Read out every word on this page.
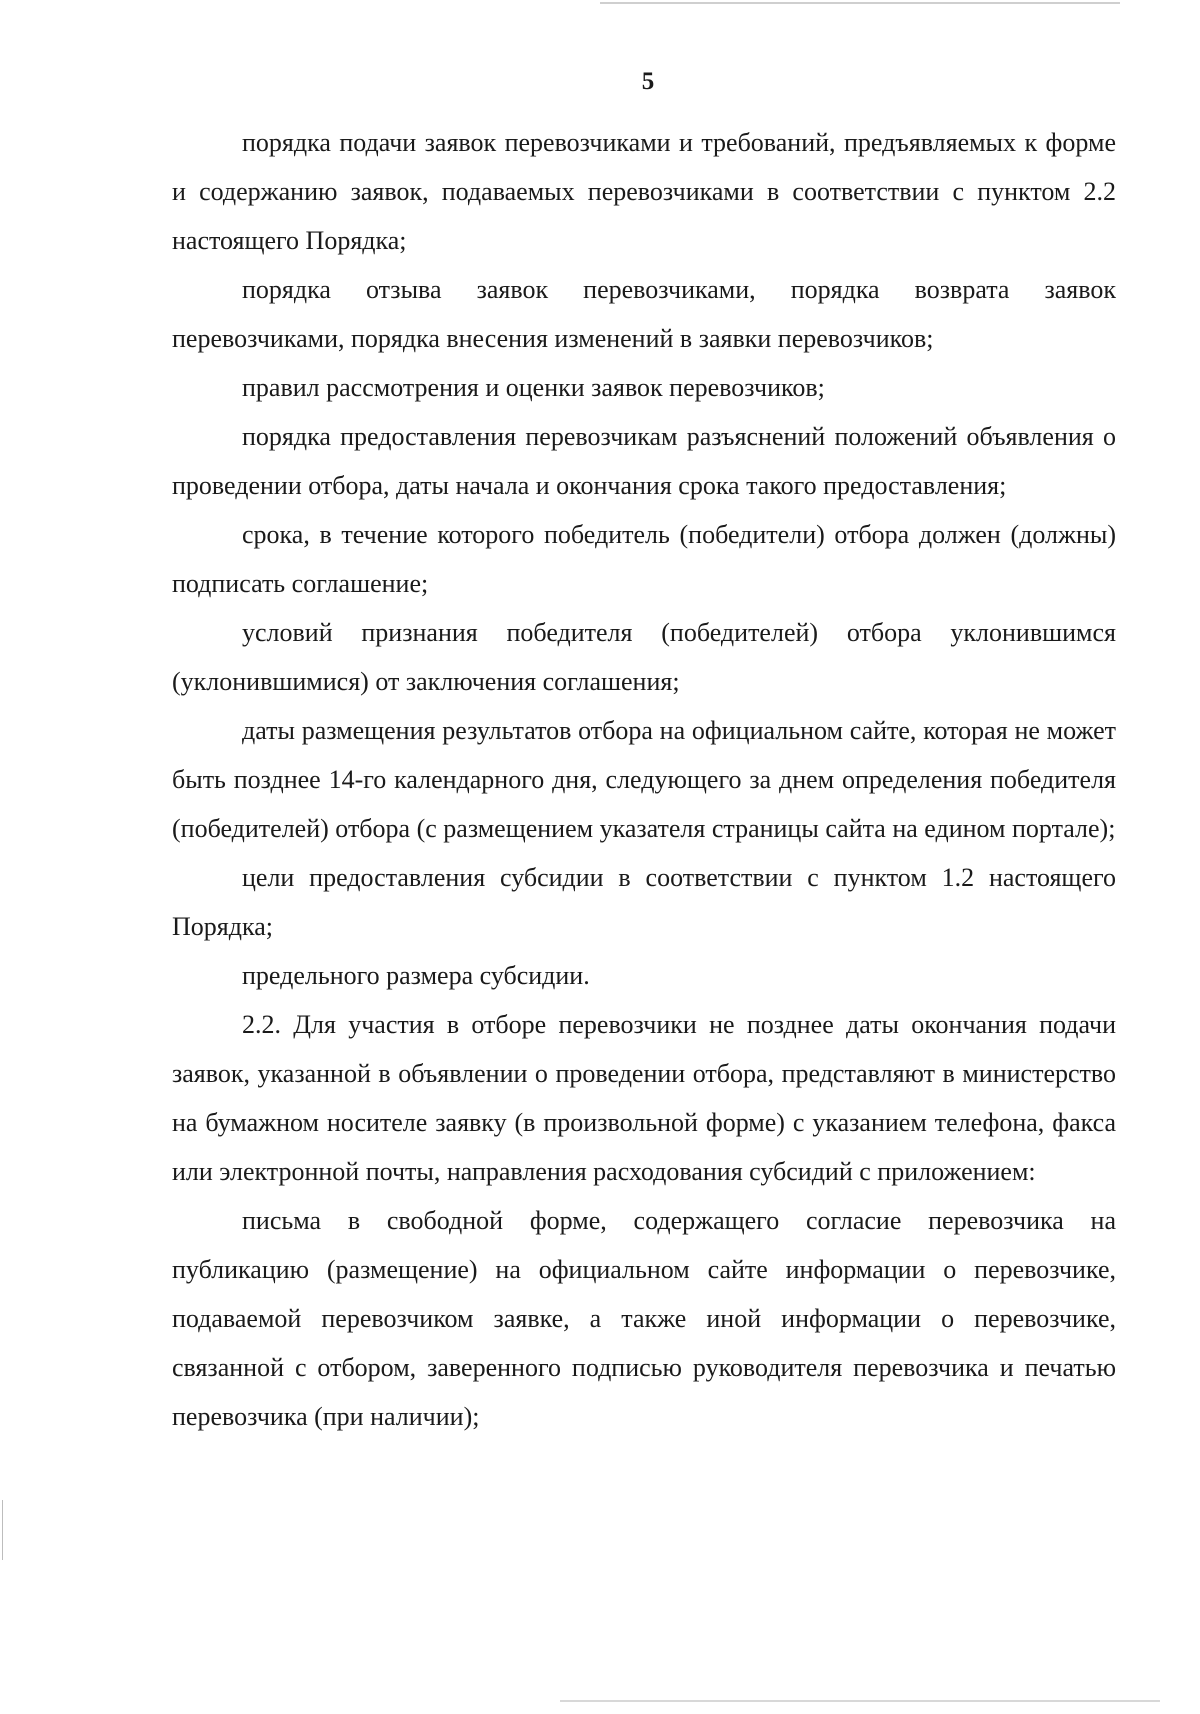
5

порядка подачи заявок перевозчиками и требований, предъявляемых к форме и содержанию заявок, подаваемых перевозчиками в соответствии с пунктом 2.2 настоящего Порядка;

порядка отзыва заявок перевозчиками, порядка возврата заявок перевозчиками, порядка внесения изменений в заявки перевозчиков;

правил рассмотрения и оценки заявок перевозчиков;

порядка предоставления перевозчикам разъяснений положений объявления о проведении отбора, даты начала и окончания срока такого предоставления;

срока, в течение которого победитель (победители) отбора должен (должны) подписать соглашение;

условий признания победителя (победителей) отбора уклонившимся (уклонившимися) от заключения соглашения;

даты размещения результатов отбора на официальном сайте, которая не может быть позднее 14-го календарного дня, следующего за днем определения победителя (победителей) отбора (с размещением указателя страницы сайта на едином портале);

цели предоставления субсидии в соответствии с пунктом 1.2 настоящего Порядка;

предельного размера субсидии.

2.2. Для участия в отборе перевозчики не позднее даты окончания подачи заявок, указанной в объявлении о проведении отбора, представляют в министерство на бумажном носителе заявку (в произвольной форме) с указанием телефона, факса или электронной почты, направления расходования субсидий с приложением:

письма в свободной форме, содержащего согласие перевозчика на публикацию (размещение) на официальном сайте информации о перевозчике, подаваемой перевозчиком заявке, а также иной информации о перевозчике, связанной с отбором, заверенного подписью руководителя перевозчика и печатью перевозчика (при наличии);
